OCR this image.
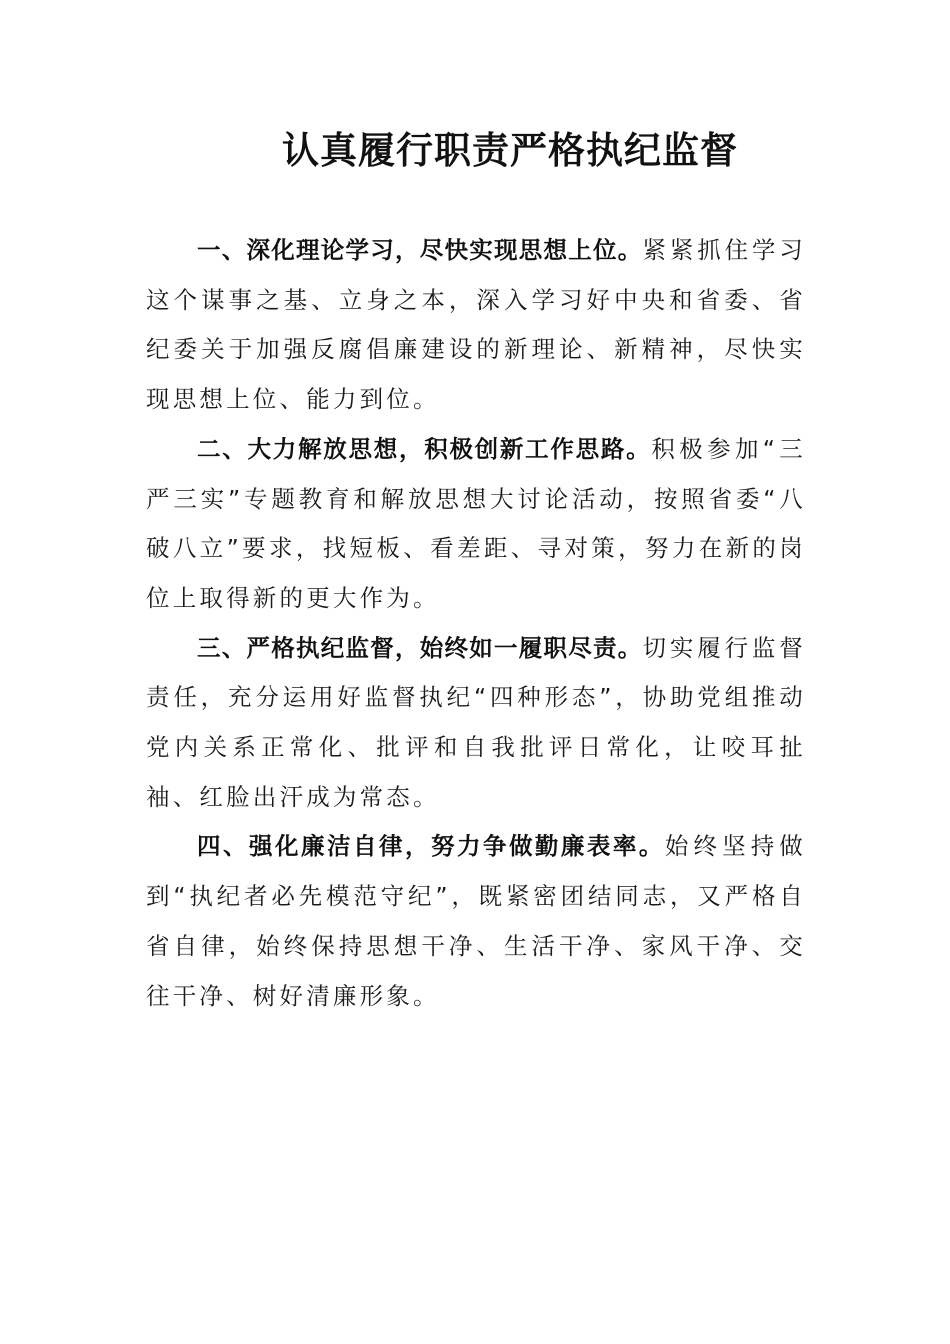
认真履行职责严格执纪监督

一、深化理论学习，尽快实现思想上位。紧紧抓住学习这个谋事之基、立身之本，深入学习好中央和省委、省纪委关于加强反腐倡廉建设的新理论、新精神，尽快实现思想上位、能力到位。

二、大力解放思想，积极创新工作思路。积极参加“三严三实”专题教育和解放思想大讨论活动，按照省委“八破八立”要求，找短板、看差距、寻对策，努力在新的岗位上取得新的更大作为。

三、严格执纪监督，始终如一履职尽责。切实履行监督责任，充分运用好监督执纪“四种形态”，协助党组推动党内关系正常化、批评和自我批评日常化，让咬耳扯袖、红脸出汗成为常态。

四、强化廉洁自律，努力争做勤廉表率。始终坚持做到“执纪者必先模范守纪”，既紧密团结同志，又严格自省自律，始终保持思想干净、生活干净、家风干净、交往干净、树好清廉形象。
